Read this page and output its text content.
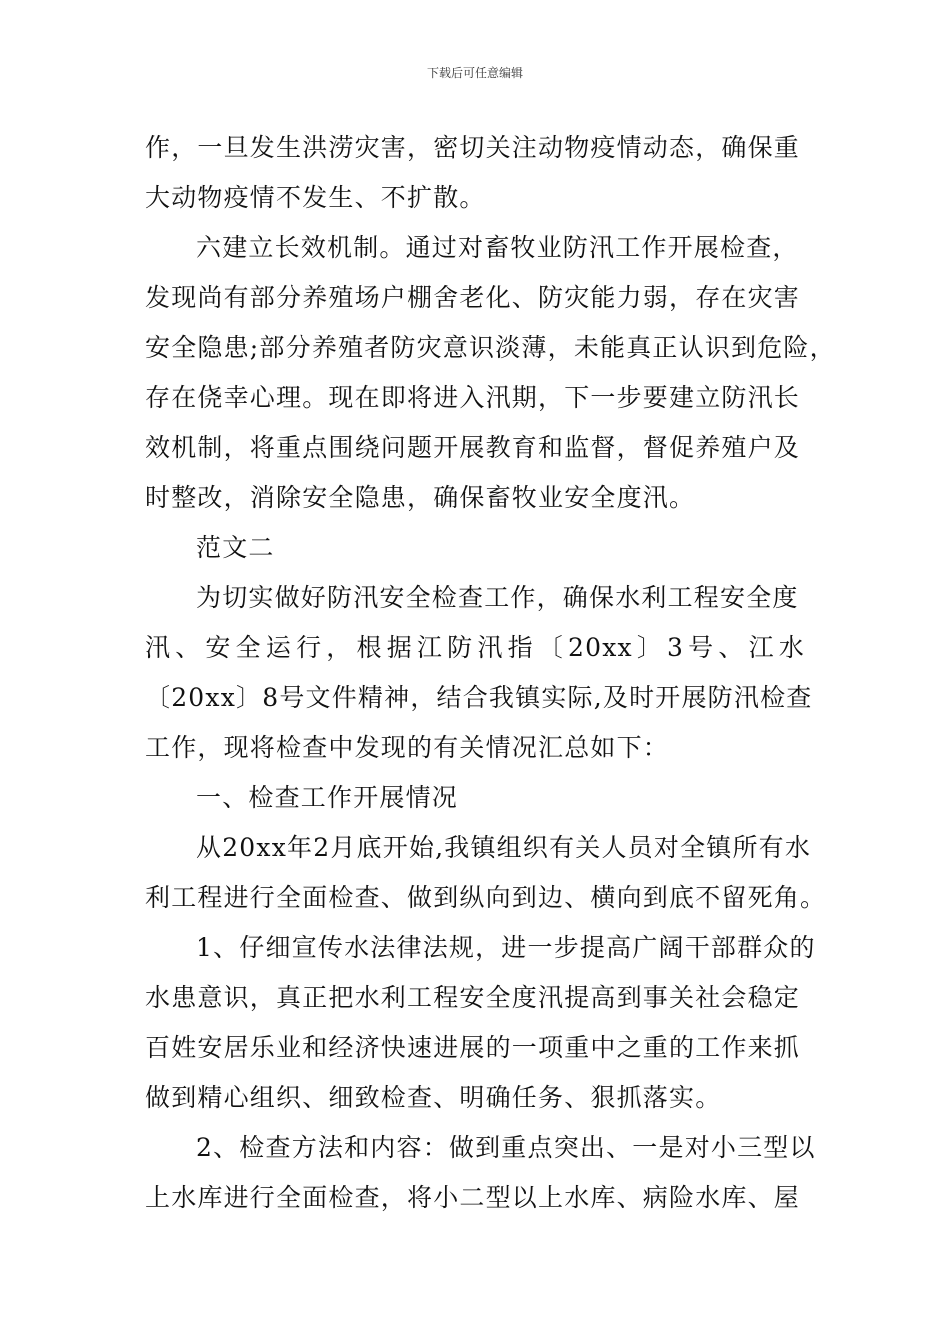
下载后可任意编辑
作，一旦发生洪涝灾害，密切关注动物疫情动态，确保重
大动物疫情不发生、不扩散。
六建立长效机制。通过对畜牧业防汛工作开展检查，
发现尚有部分养殖场户棚舍老化、防灾能力弱，存在灾害
安全隐患;部分养殖者防灾意识淡薄，未能真正认识到危险，
存在侥幸心理。现在即将进入汛期，下一步要建立防汛长
效机制，将重点围绕问题开展教育和监督，督促养殖户及
时整改，消除安全隐患，确保畜牧业安全度汛。
范文二
为切实做好防汛安全检查工作，确保水利工程安全度
汛、安全运行，根据江防汛指〔20xx〕3号、江水
〔20xx〕8号文件精神，结合我镇实际,及时开展防汛检查
工作，现将检查中发现的有关情况汇总如下：
一、检查工作开展情况
从20xx年2月底开始,我镇组织有关人员对全镇所有水
利工程进行全面检查、做到纵向到边、横向到底不留死角。
1、仔细宣传水法律法规，进一步提高广阔干部群众的
水患意识，真正把水利工程安全度汛提高到事关社会稳定
百姓安居乐业和经济快速进展的一项重中之重的工作来抓
做到精心组织、细致检查、明确任务、狠抓落实。
2、检查方法和内容：做到重点突出、一是对小三型以
上水库进行全面检查，将小二型以上水库、病险水库、屋
